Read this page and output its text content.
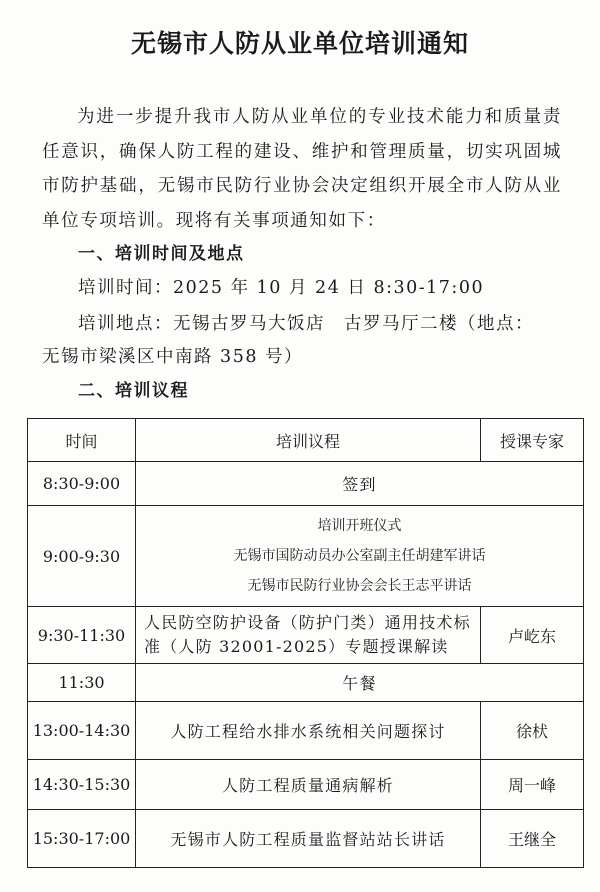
无锡市人防从业单位培训通知
为进一步提升我市人防从业单位的专业技术能力和质量责任意识，确保人防工程的建设、维护和管理质量，切实巩固城市防护基础，无锡市民防行业协会决定组织开展全市人防从业单位专项培训。现将有关事项通知如下：
一、培训时间及地点
培训时间：2025 年 10 月 24 日 8:30-17:00
培训地点：无锡古罗马大饭店　古罗马厅二楼（地点：
无锡市梁溪区中南路 358 号）
二、培训议程
时间	培训议程	授课专家
8:30-9:00	签到	
9:00-9:30	培训开班仪式
无锡市国防动员办公室副主任胡建军讲话
无锡市民防行业协会会长王志平讲话	

9:30-11:30	人民防空防护设备（防护门类）通用技术标
准（人防 32001-2025）专题授课解读	卢屹东
11:30	午餐	
13:00-14:30	人防工程给水排水系统相关问题探讨	徐枤
14:30-15:30	人防工程质量通病解析	周一峰
15:30-17:00	无锡市人防工程质量监督站站长讲话	王继全
